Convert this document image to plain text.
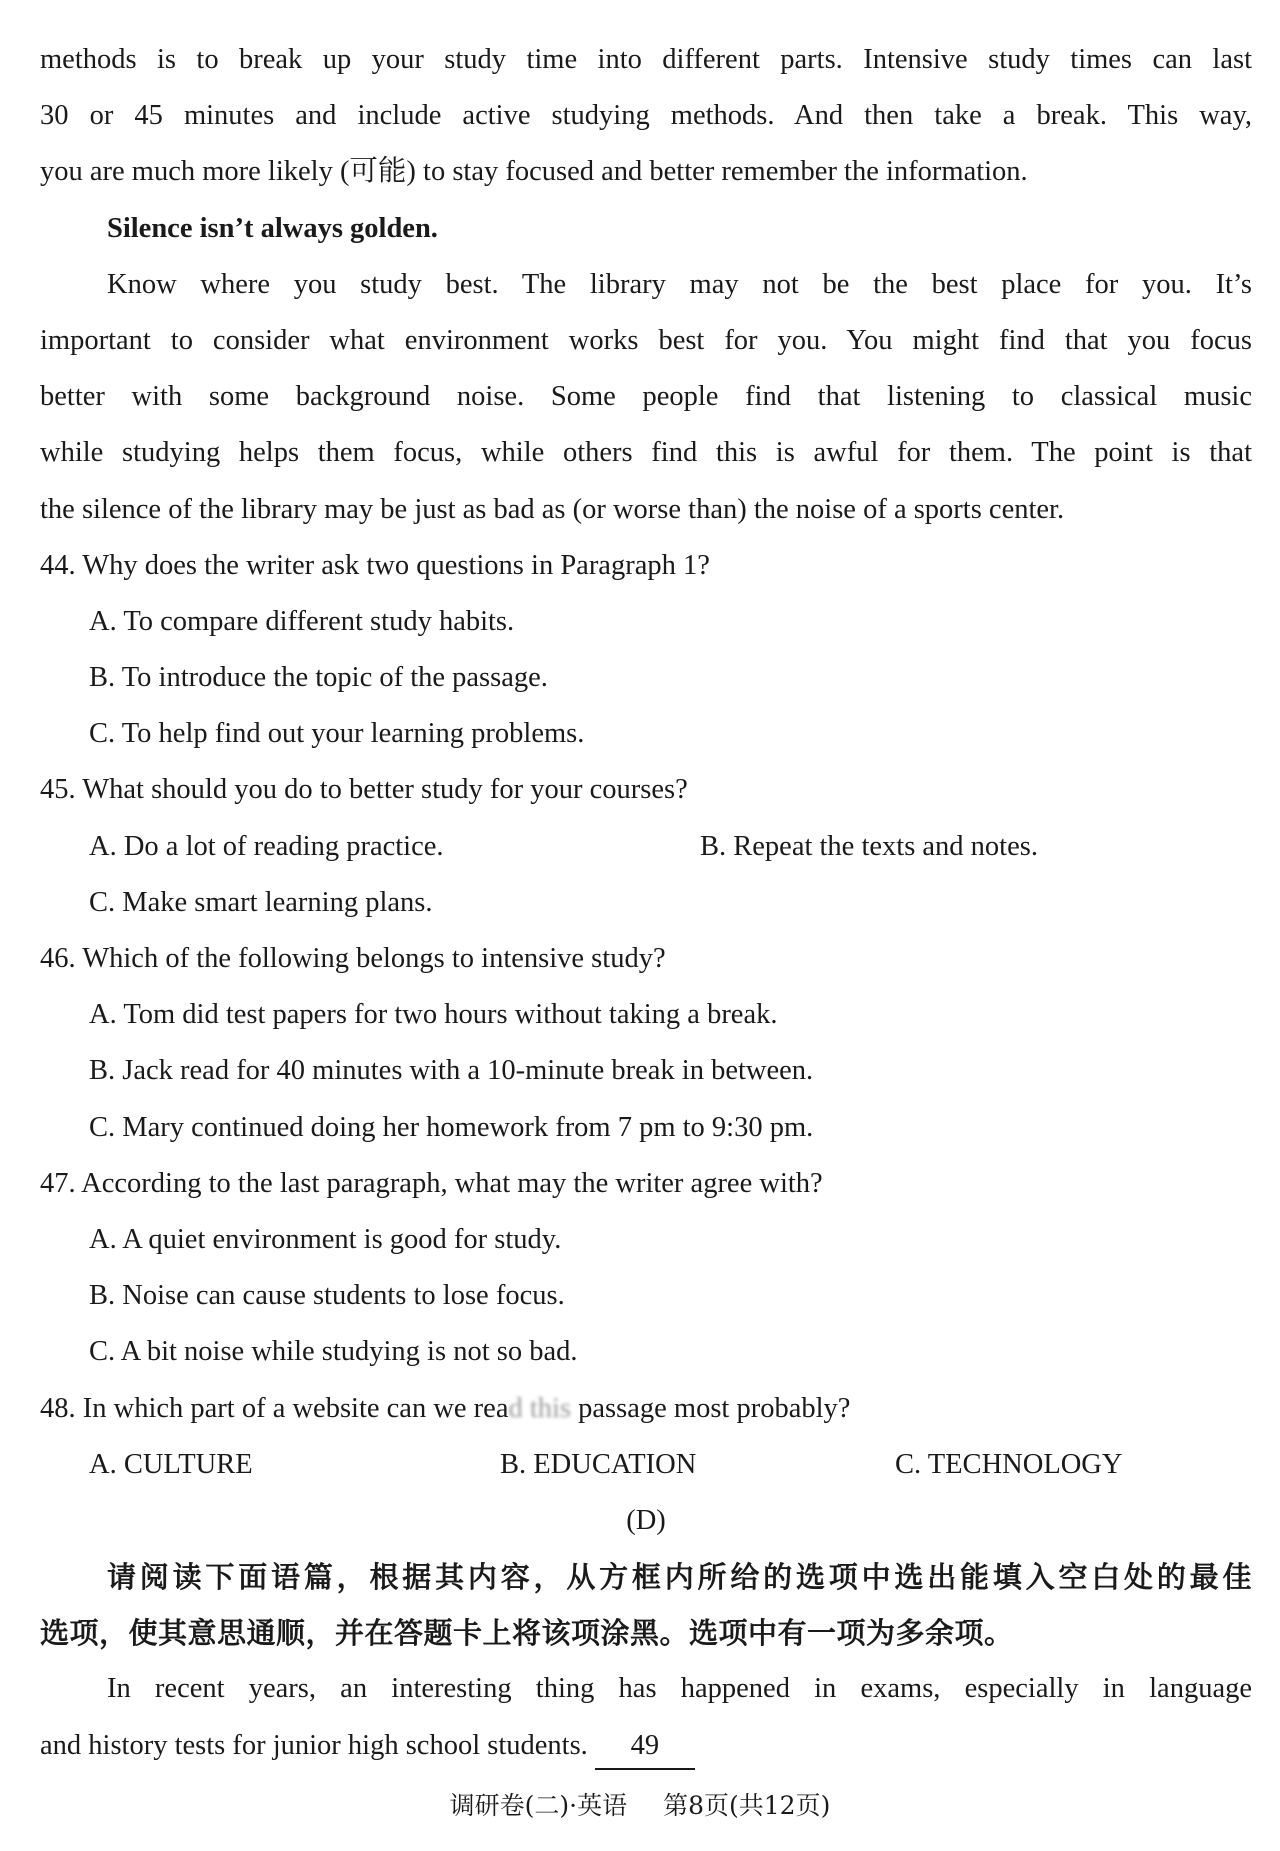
methods is to break up your study time into different parts. Intensive study times can last
30 or 45 minutes and include active studying methods. And then take a break. This way,
you are much more likely (可能) to stay focused and better remember the information.
Silence isn’t always golden.
Know where you study best. The library may not be the best place for you. It’s
important to consider what environment works best for you. You might find that you focus
better with some background noise. Some people find that listening to classical music
while studying helps them focus, while others find this is awful for them. The point is that
the silence of the library may be just as bad as (or worse than) the noise of a sports center.
44. Why does the writer ask two questions in Paragraph 1?
A. To compare different study habits.
B. To introduce the topic of the passage.
C. To help find out your learning problems.
45. What should you do to better study for your courses?
A. Do a lot of reading practice.	B. Repeat the texts and notes.
C. Make smart learning plans.
46. Which of the following belongs to intensive study?
A. Tom did test papers for two hours without taking a break.
B. Jack read for 40 minutes with a 10-minute break in between.
C. Mary continued doing her homework from 7 pm to 9:30 pm.
47. According to the last paragraph, what may the writer agree with?
A. A quiet environment is good for study.
B. Noise can cause students to lose focus.
C. A bit noise while studying is not so bad.
48. In which part of a website can we read this passage most probably?
A. CULTURE	B. EDUCATION	C. TECHNOLOGY
(D)
请阅读下面语篇，根据其内容，从方框内所给的选项中选出能填入空白处的最佳
选项，使其意思通顺，并在答题卡上将该项涂黑。选项中有一项为多余项。
In recent years, an interesting thing has happened in exams, especially in language
and history tests for junior high school students. 49
调研卷(二)·英语 第8页(共12页)
